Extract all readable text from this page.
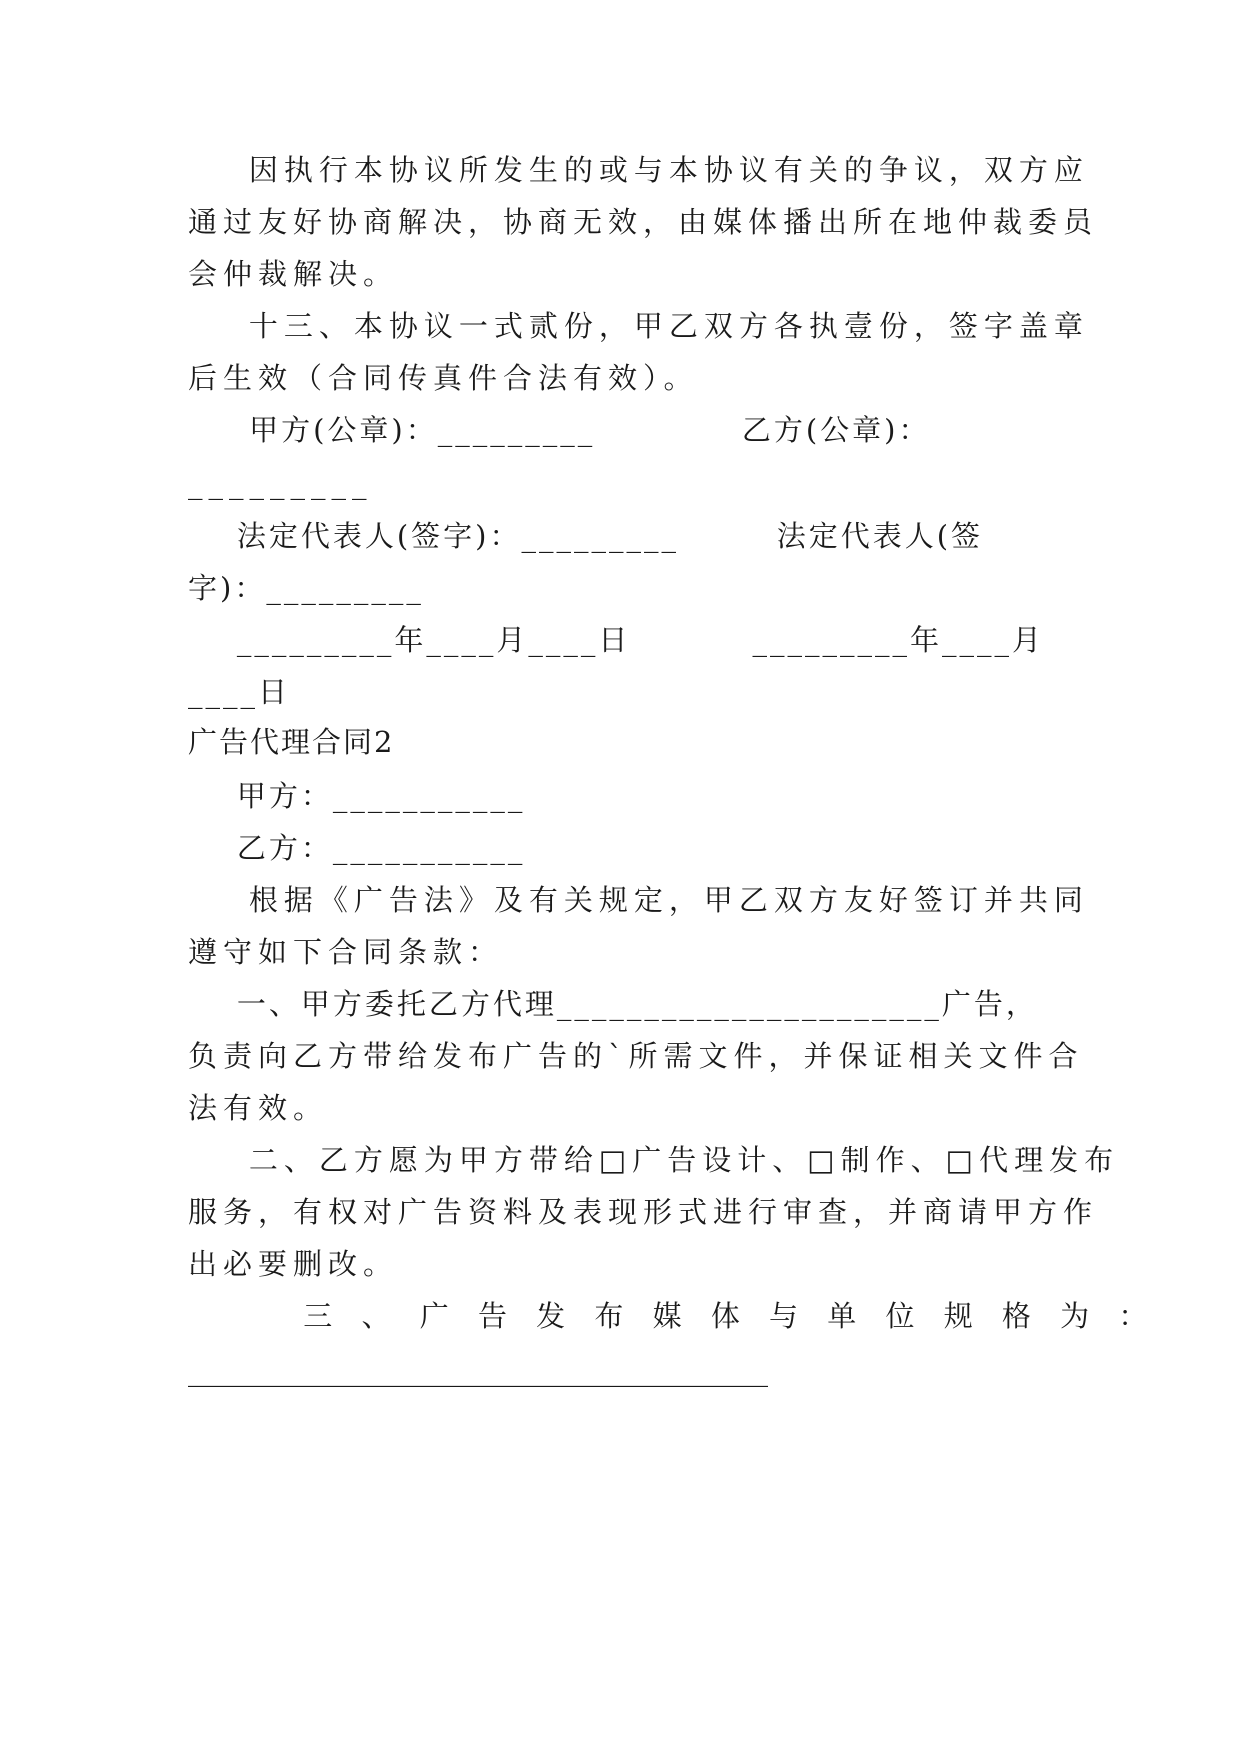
因执行本协议所发生的或与本协议有关的争议，双方应
通过友好协商解决，协商无效，由媒体播出所在地仲裁委员
会仲裁解决。
十三、本协议一式贰份，甲乙双方各执壹份，签字盖章
后生效（合同传真件合法有效）。
甲方(公章)：_________            乙方(公章)：
_________
法定代表人(签字)：_________        法定代表人(签
字)：_________
_________年____月____日          _________年____月
____日
广告代理合同2
甲方：___________
乙方：___________
根据《广告法》及有关规定，甲乙双方友好签订并共同
遵守如下合同条款：
一、甲方委托乙方代理______________________广告，
负责向乙方带给发布广告的`所需文件，并保证相关文件合
法有效。
二、乙方愿为甲方带给□广告设计、□制作、□代理发布
服务，有权对广告资料及表现形式进行审查，并商请甲方作
出必要删改。
三 、 广 告 发 布 媒 体 与 单 位 规 格 为 ：
________________________________________
